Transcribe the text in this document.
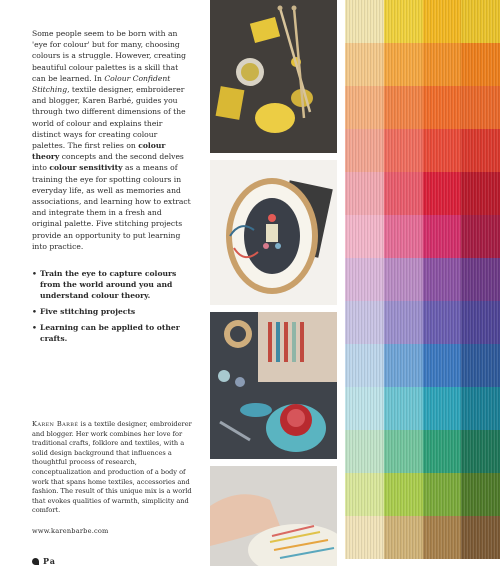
Some people seem to be born with an 'eye for colour' but for many, choosing colours is a struggle. However, creating beautiful colour palettes is a skill that can be learned. In Colour Confident Stitching, textile designer, embroiderer and blogger, Karen Barbé, guides you through two different dimensions of the world of colour and explains their distinct ways for creating colour palettes. The first relies on colour theory concepts and the second delves into colour sensitivity as a means of training the eye for spotting colours in everyday life, as well as memories and associations, and learning how to extract and integrate them in a fresh and original palette. Five stitching projects provide an opportunity to put learning into practice.

• Train the eye to capture colours from the world around you and understand colour theory.
• Five stitching projects
• Learning can be applied to other crafts.
Karen Barbé is a textile designer, embroiderer and blogger. Her work combines her love for traditional crafts, folklore and textiles, with a solid design background that influences a thoughtful process of research, conceptualization and production of a body of work that spans home textiles, accessories and fashion. The result of this unique mix is a world that evokes qualities of warmth, simplicity and comfort.
www.karenbarbe.com
Pa
